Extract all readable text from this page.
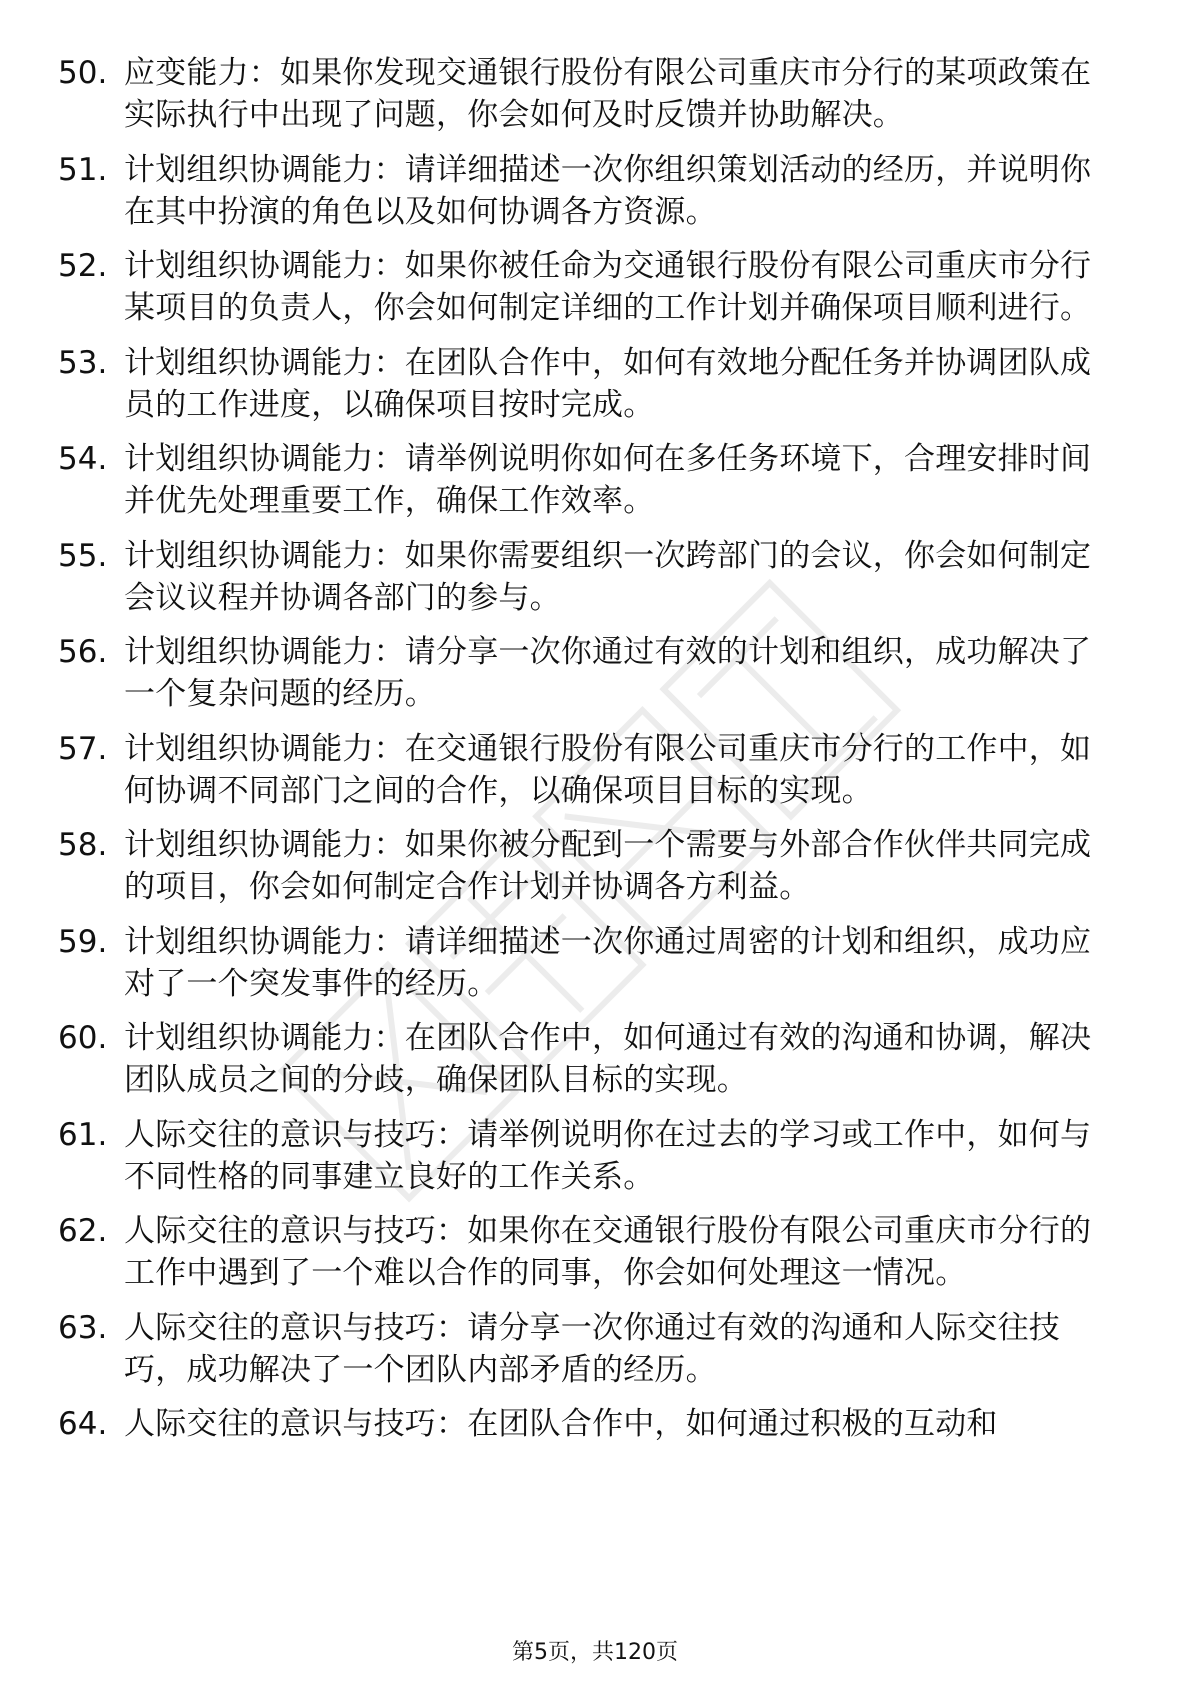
50. 应变能力：如果你发现交通银行股份有限公司重庆市分行的某项政策在实际执行中出现了问题，你会如何及时反馈并协助解决。
51. 计划组织协调能力：请详细描述一次你组织策划活动的经历，并说明你在其中扮演的角色以及如何协调各方资源。
52. 计划组织协调能力：如果你被任命为交通银行股份有限公司重庆市分行某项目的负责人，你会如何制定详细的工作计划并确保项目顺利进行。
53. 计划组织协调能力：在团队合作中，如何有效地分配任务并协调团队成员的工作进度，以确保项目按时完成。
54. 计划组织协调能力：请举例说明你如何在多任务环境下，合理安排时间并优先处理重要工作，确保工作效率。
55. 计划组织协调能力：如果你需要组织一次跨部门的会议，你会如何制定会议议程并协调各部门的参与。
56. 计划组织协调能力：请分享一次你通过有效的计划和组织，成功解决了一个复杂问题的经历。
57. 计划组织协调能力：在交通银行股份有限公司重庆市分行的工作中，如何协调不同部门之间的合作，以确保项目目标的实现。
58. 计划组织协调能力：如果你被分配到一个需要与外部合作伙伴共同完成的项目，你会如何制定合作计划并协调各方利益。
59. 计划组织协调能力：请详细描述一次你通过周密的计划和组织，成功应对了一个突发事件的经历。
60. 计划组织协调能力：在团队合作中，如何通过有效的沟通和协调，解决团队成员之间的分歧，确保团队目标的实现。
61. 人际交往的意识与技巧：请举例说明你在过去的学习或工作中，如何与不同性格的同事建立良好的工作关系。
62. 人际交往的意识与技巧：如果你在交通银行股份有限公司重庆市分行的工作中遇到了一个难以合作的同事，你会如何处理这一情况。
63. 人际交往的意识与技巧：请分享一次你通过有效的沟通和人际交往技巧，成功解决了一个团队内部矛盾的经历。
64. 人际交往的意识与技巧：在团队合作中，如何通过积极的互动和
第5页，共120页
